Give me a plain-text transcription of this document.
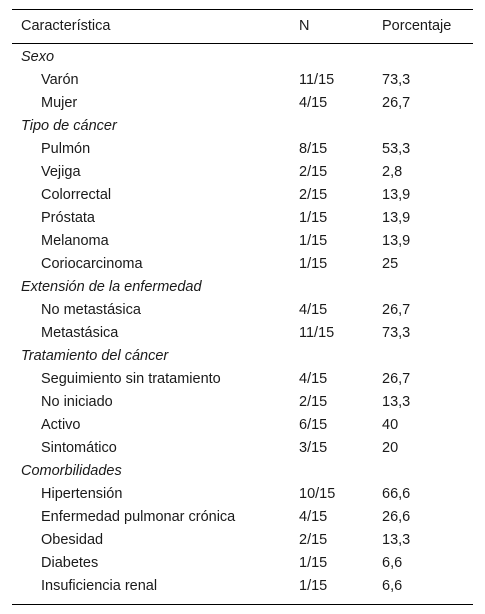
Característica	N	Porcentaje
Sexo
Varón	11/15	73,3
Mujer	4/15	26,7
Tipo de cáncer
Pulmón	8/15	53,3
Vejiga	2/15	2,8
Colorrectal	2/15	13,9
Próstata	1/15	13,9
Melanoma	1/15	13,9
Coriocarcinoma	1/15	25
Extensión de la enfermedad
No metastásica	4/15	26,7
Metastásica	11/15	73,3
Tratamiento del cáncer
Seguimiento sin tratamiento	4/15	26,7
No iniciado	2/15	13,3
Activo	6/15	40
Sintomático	3/15	20
Comorbilidades
Hipertensión	10/15	66,6
Enfermedad pulmonar crónica	4/15	26,6
Obesidad	2/15	13,3
Diabetes	1/15	6,6
Insuficiencia renal	1/15	6,6
